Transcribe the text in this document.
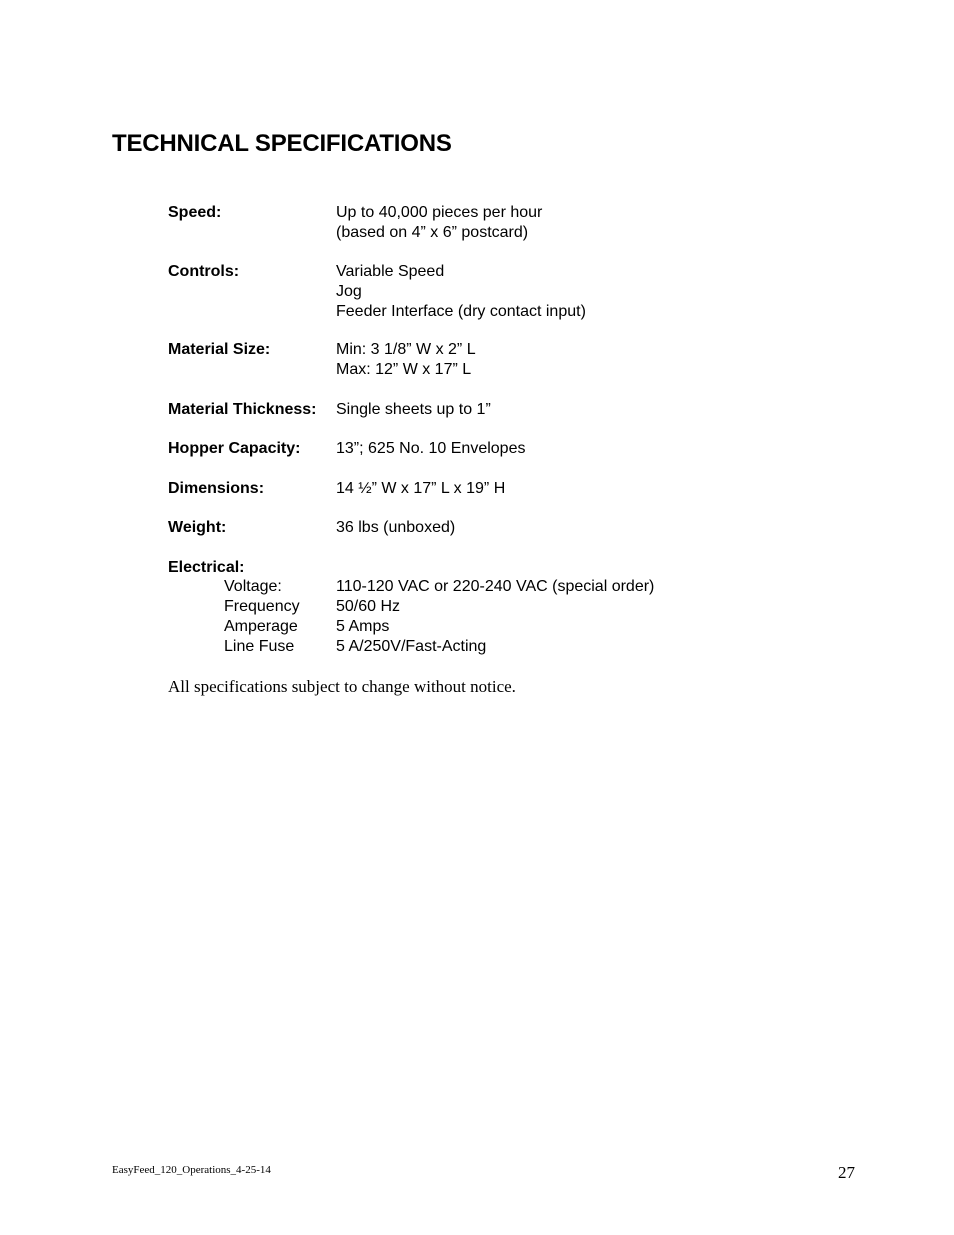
TECHNICAL SPECIFICATIONS
Speed:	Up to 40,000 pieces per hour
(based on 4” x 6” postcard)
Controls:	Variable Speed
Jog
Feeder Interface (dry contact input)
Material Size:	Min: 3 1/8” W x 2” L
Max: 12” W x 17” L
Material Thickness: Single sheets up to 1”
Hopper Capacity: 13”; 625 No. 10 Envelopes
Dimensions:	14 ½” W x 17” L x 19” H
Weight:	36 lbs (unboxed)
Electrical:
Voltage:	110-120 VAC or 220-240 VAC (special order)
Frequency 50/60 Hz
Amperage 5 Amps
Line Fuse	5 A/250V/Fast-Acting
All specifications subject to change without notice.
EasyFeed_120_Operations_4-25-14	27
